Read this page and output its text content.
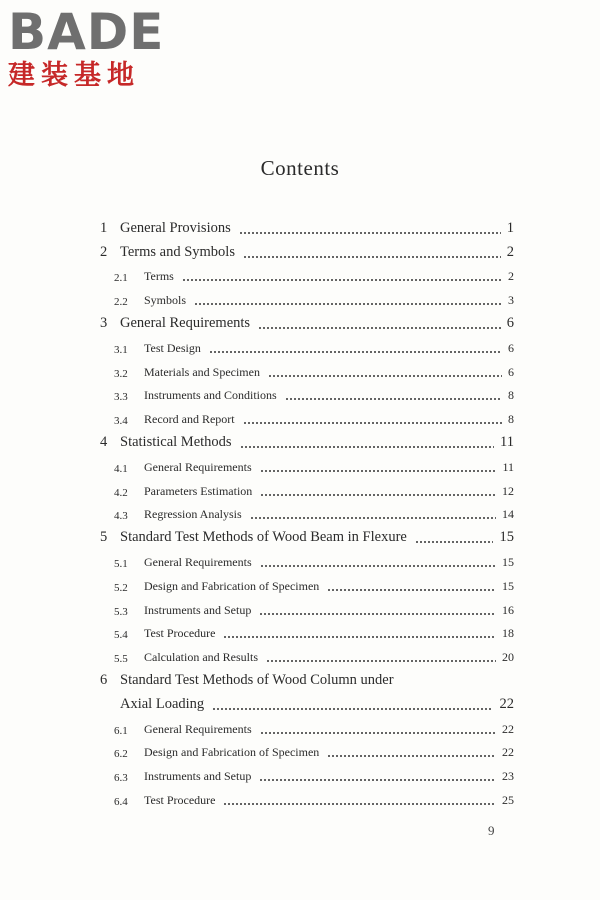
BADE
建装基地
Contents
1 General Provisions	1
2 Terms and Symbols	2
2.1 Terms	2
2.2 Symbols	3
3 General Requirements	6
3.1 Test Design	6
3.2 Materials and Specimen	6
3.3 Instruments and Conditions	8
3.4 Record and Report	8
4 Statistical Methods	11
4.1 General Requirements	11
4.2 Parameters Estimation	12
4.3 Regression Analysis	14
5 Standard Test Methods of Wood Beam in Flexure	15
5.1 General Requirements	15
5.2 Design and Fabrication of Specimen	15
5.3 Instruments and Setup	16
5.4 Test Procedure	18
5.5 Calculation and Results	20
6 Standard Test Methods of Wood Column under
Axial Loading	22
6.1 General Requirements	22
6.2 Design and Fabrication of Specimen	22
6.3 Instruments and Setup	23
6.4 Test Procedure	25
9
